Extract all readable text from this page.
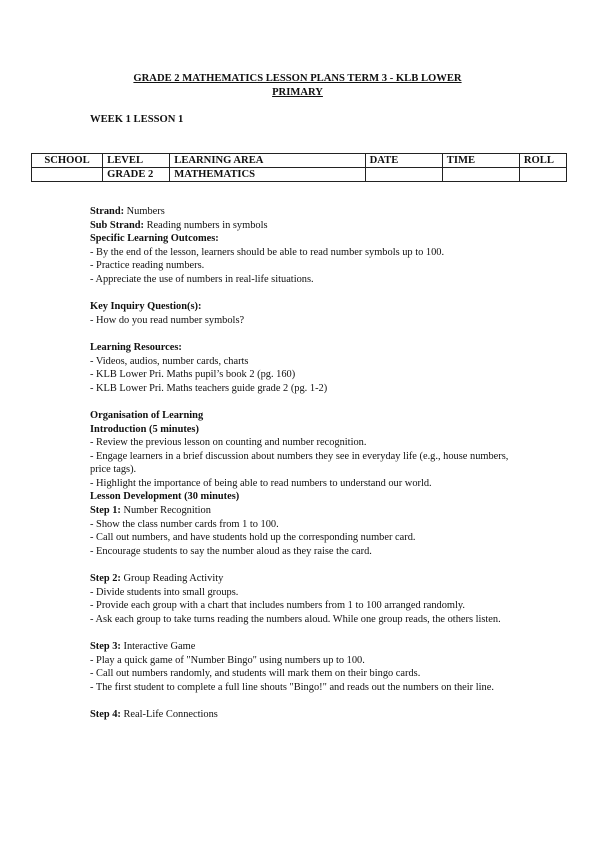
GRADE 2 MATHEMATICS LESSON PLANS TERM 3 - KLB LOWER
PRIMARY
WEEK 1 LESSON 1
SCHOOL	LEVEL	LEARNING AREA	DATE	TIME	ROLL
	GRADE 2	MATHEMATICS			

Strand: Numbers

Sub Strand: Reading numbers in symbols

Specific Learning Outcomes:

- By the end of the lesson, learners should be able to read number symbols up to 100.

- Practice reading numbers.

- Appreciate the use of numbers in real-life situations.

Key Inquiry Question(s):

- How do you read number symbols?

Learning Resources:

- Videos, audios, number cards, charts

- KLB Lower Pri. Maths pupil’s book 2 (pg. 160)

- KLB Lower Pri. Maths teachers guide grade 2 (pg. 1-2)

Organisation of Learning

Introduction (5 minutes)

- Review the previous lesson on counting and number recognition.

- Engage learners in a brief discussion about numbers they see in everyday life (e.g., house numbers, price tags).

- Highlight the importance of being able to read numbers to understand our world.

Lesson Development (30 minutes)

Step 1: Number Recognition

- Show the class number cards from 1 to 100.

- Call out numbers, and have students hold up the corresponding number card.

- Encourage students to say the number aloud as they raise the card.

Step 2: Group Reading Activity

- Divide students into small groups.

- Provide each group with a chart that includes numbers from 1 to 100 arranged randomly.

- Ask each group to take turns reading the numbers aloud. While one group reads, the others listen.

Step 3: Interactive Game

- Play a quick game of "Number Bingo" using numbers up to 100.

- Call out numbers randomly, and students will mark them on their bingo cards.

- The first student to complete a full line shouts "Bingo!" and reads out the numbers on their line.

Step 4: Real-Life Connections
